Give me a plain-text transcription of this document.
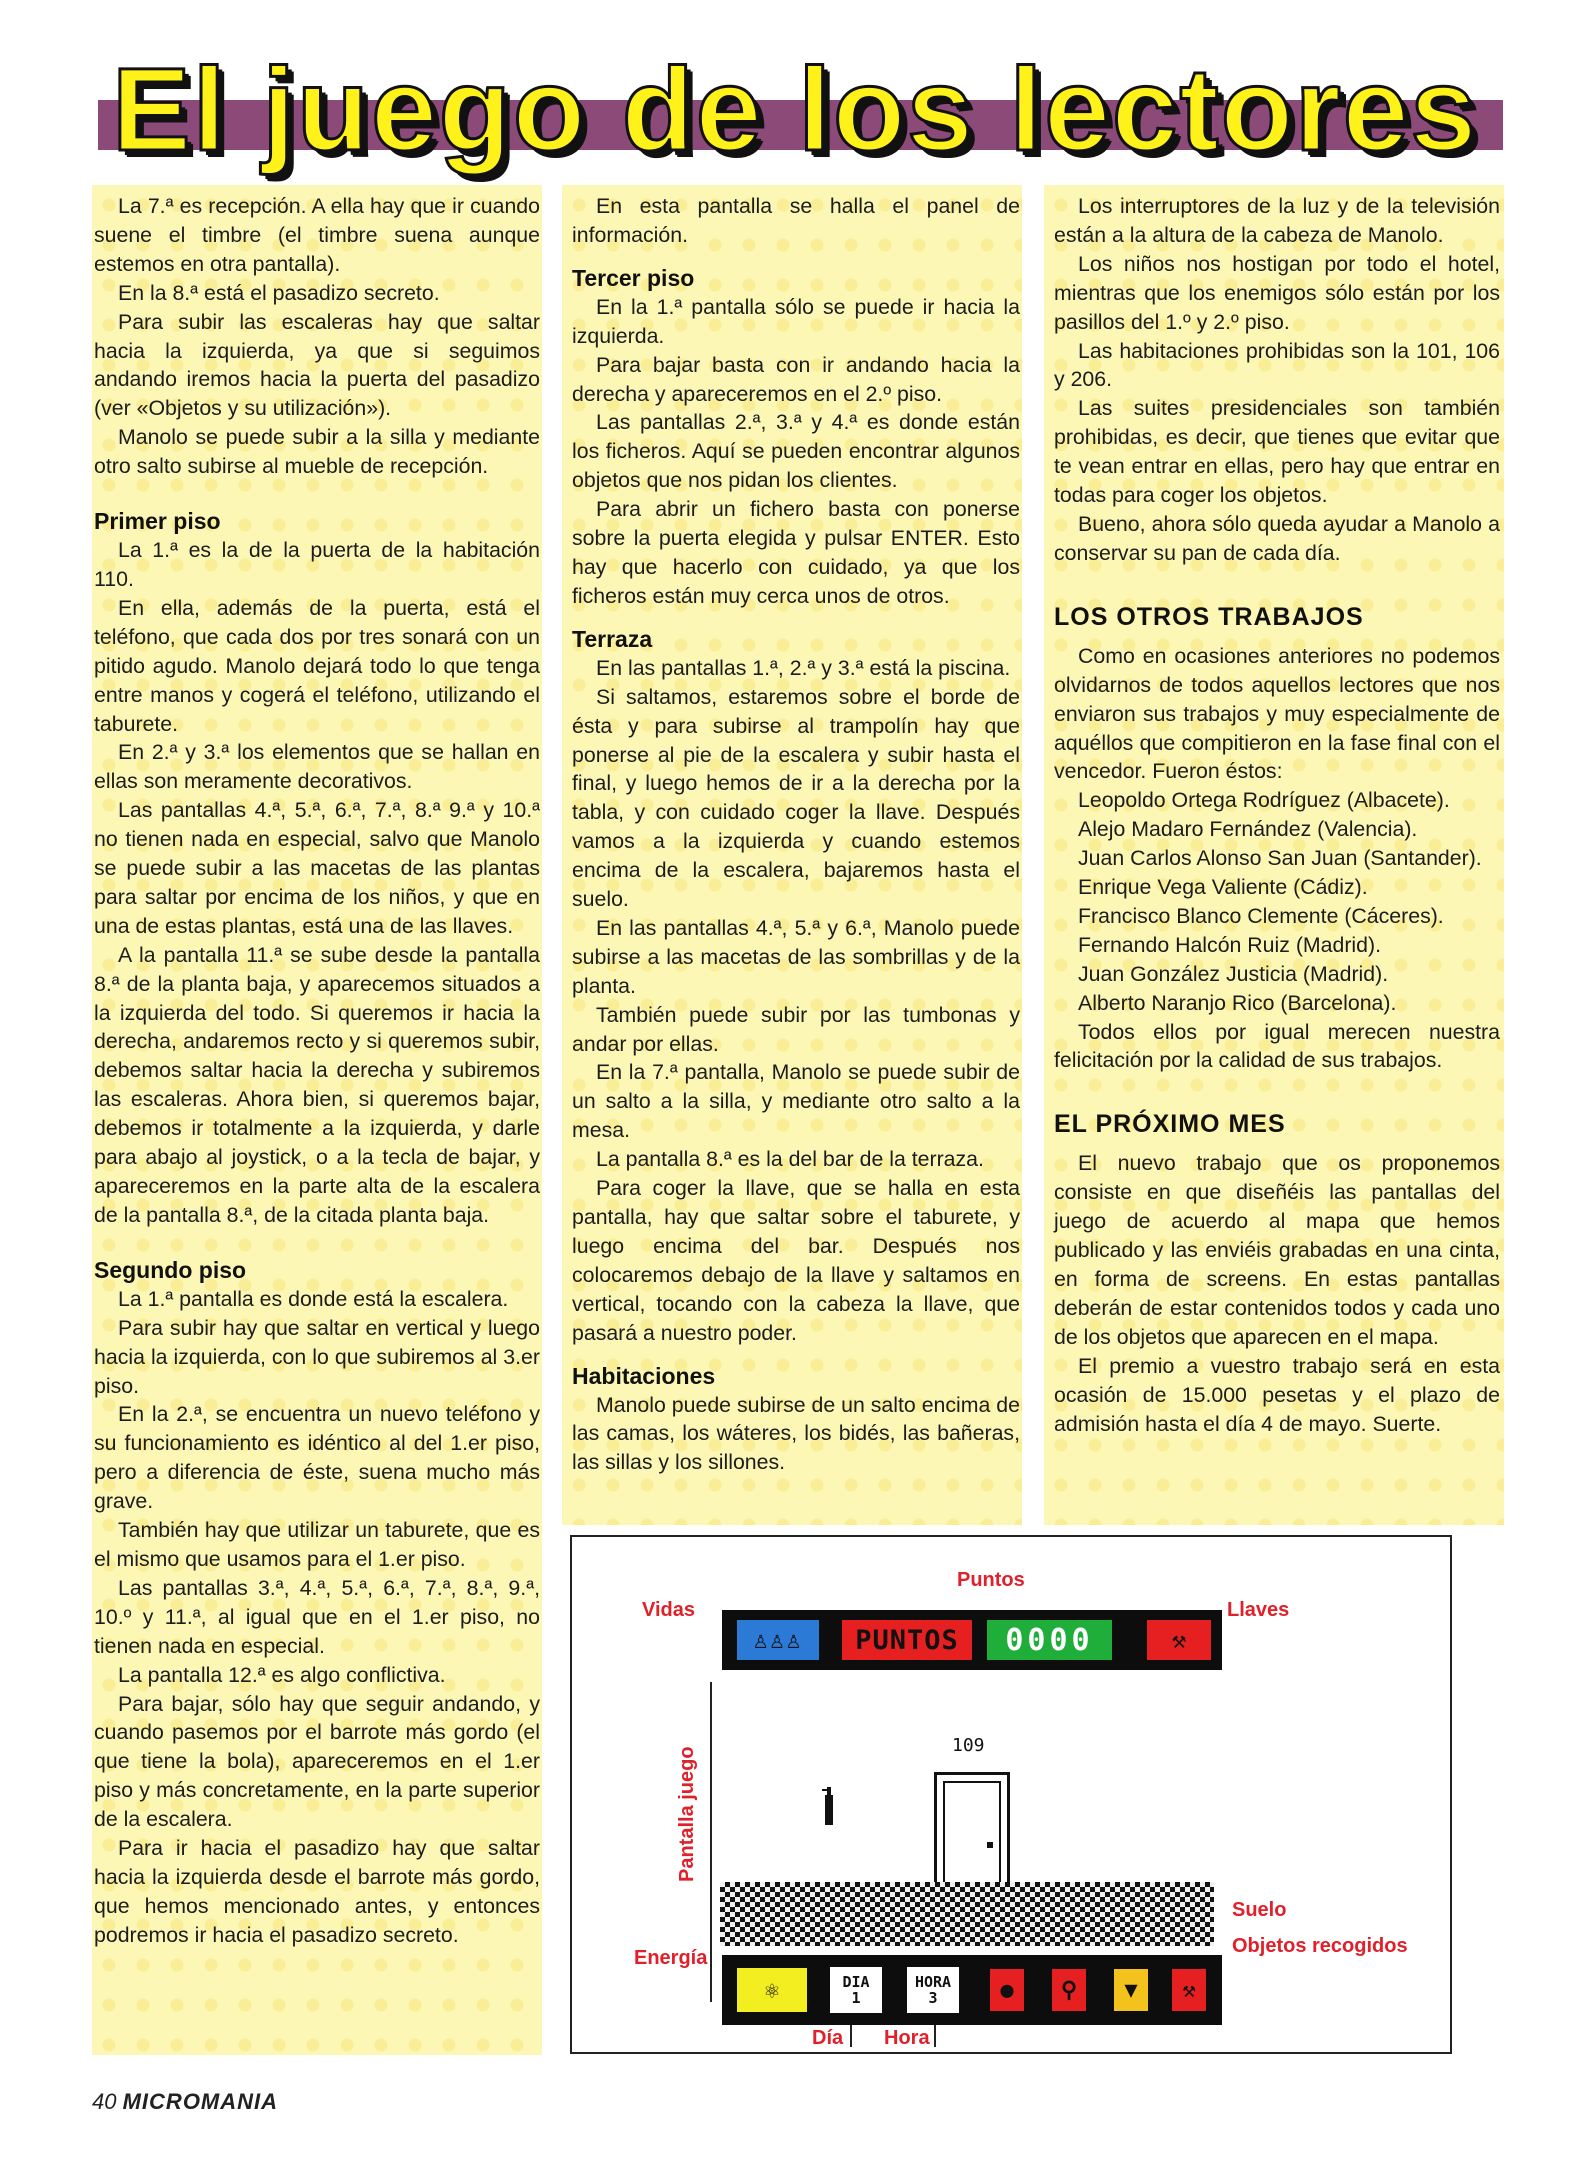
El juego de los lectores

La 7.ª es recepción. A ella hay que ir cuando suene el timbre (el timbre suena aunque estemos en otra pantalla).

En la 8.ª está el pasadizo secreto.

Para subir las escaleras hay que saltar hacia la izquierda, ya que si seguimos andando iremos hacia la puerta del pasadizo (ver «Objetos y su utilización»).

Manolo se puede subir a la silla y mediante otro salto subirse al mueble de recepción.

Primer piso

La 1.ª es la de la puerta de la habitación 110.

En ella, además de la puerta, está el teléfono, que cada dos por tres sonará con un pitido agudo. Manolo dejará todo lo que tenga entre manos y cogerá el teléfono, utilizando el taburete.

En 2.ª y 3.ª los elementos que se hallan en ellas son meramente decorativos.

Las pantallas 4.ª, 5.ª, 6.ª, 7.ª, 8.ª 9.ª y 10.ª no tienen nada en especial, salvo que Manolo se puede subir a las macetas de las plantas para saltar por encima de los niños, y que en una de estas plantas, está una de las llaves.

A la pantalla 11.ª se sube desde la pantalla 8.ª de la planta baja, y aparecemos situados a la izquierda del todo. Si queremos ir hacia la derecha, andaremos recto y si queremos subir, debemos saltar hacia la derecha y subiremos las escaleras. Ahora bien, si queremos bajar, debemos ir totalmente a la izquierda, y darle para abajo al joystick, o a la tecla de bajar, y apareceremos en la parte alta de la escalera de la pantalla 8.ª, de la citada planta baja.

Segundo piso

La 1.ª pantalla es donde está la escalera.

Para subir hay que saltar en vertical y luego hacia la izquierda, con lo que subiremos al 3.er piso.

En la 2.ª, se encuentra un nuevo teléfono y su funcionamiento es idéntico al del 1.er piso, pero a diferencia de éste, suena mucho más grave.

También hay que utilizar un taburete, que es el mismo que usamos para el 1.er piso.

Las pantallas 3.ª, 4.ª, 5.ª, 6.ª, 7.ª, 8.ª, 9.ª, 10.º y 11.ª, al igual que en el 1.er piso, no tienen nada en especial.

La pantalla 12.ª es algo conflictiva.

Para bajar, sólo hay que seguir andando, y cuando pasemos por el barrote más gordo (el que tiene la bola), apareceremos en el 1.er piso y más concretamente, en la parte superior de la escalera.

Para ir hacia el pasadizo hay que saltar hacia la izquierda desde el barrote más gordo, que hemos mencionado antes, y entonces podremos ir hacia el pasadizo secreto.

En esta pantalla se halla el panel de información.

Tercer piso

En la 1.ª pantalla sólo se puede ir hacia la izquierda.

Para bajar basta con ir andando hacia la derecha y apareceremos en el 2.º piso.

Las pantallas 2.ª, 3.ª y 4.ª es donde están los ficheros. Aquí se pueden encontrar algunos objetos que nos pidan los clientes.

Para abrir un fichero basta con ponerse sobre la puerta elegida y pulsar ENTER. Esto hay que hacerlo con cuidado, ya que los ficheros están muy cerca unos de otros.

Terraza

En las pantallas 1.ª, 2.ª y 3.ª está la piscina.

Si saltamos, estaremos sobre el borde de ésta y para subirse al trampolín hay que ponerse al pie de la escalera y subir hasta el final, y luego hemos de ir a la derecha por la tabla, y con cuidado coger la llave. Después vamos a la izquierda y cuando estemos encima de la escalera, bajaremos hasta el suelo.

En las pantallas 4.ª, 5.ª y 6.ª, Manolo puede subirse a las macetas de las sombrillas y de la planta.

También puede subir por las tumbonas y andar por ellas.

En la 7.ª pantalla, Manolo se puede subir de un salto a la silla, y mediante otro salto a la mesa.

La pantalla 8.ª es la del bar de la terraza.

Para coger la llave, que se halla en esta pantalla, hay que saltar sobre el taburete, y luego encima del bar. Después nos colocaremos debajo de la llave y saltamos en vertical, tocando con la cabeza la llave, que pasará a nuestro poder.

Habitaciones

Manolo puede subirse de un salto encima de las camas, los wáteres, los bidés, las bañeras, las sillas y los sillones.

Los interruptores de la luz y de la televisión están a la altura de la cabeza de Manolo.

Los niños nos hostigan por todo el hotel, mientras que los enemigos sólo están por los pasillos del 1.º y 2.º piso.

Las habitaciones prohibidas son la 101, 106 y 206.

Las suites presidenciales son también prohibidas, es decir, que tienes que evitar que te vean entrar en ellas, pero hay que entrar en todas para coger los objetos.

Bueno, ahora sólo queda ayudar a Manolo a conservar su pan de cada día.

LOS OTROS TRABAJOS

Como en ocasiones anteriores no podemos olvidarnos de todos aquellos lectores que nos enviaron sus trabajos y muy especialmente de aquéllos que compitieron en la fase final con el vencedor. Fueron éstos:

Leopoldo Ortega Rodríguez (Albacete).

Alejo Madaro Fernández (Valencia).

Juan Carlos Alonso San Juan (Santander).

Enrique Vega Valiente (Cádiz).

Francisco Blanco Clemente (Cáceres).

Fernando Halcón Ruiz (Madrid).

Juan González Justicia (Madrid).

Alberto Naranjo Rico (Barcelona).

Todos ellos por igual merecen nuestra felicitación por la calidad de sus trabajos.

EL PRÓXIMO MES

El nuevo trabajo que os proponemos consiste en que diseñéis las pantallas del juego de acuerdo al mapa que hemos publicado y las enviéis grabadas en una cinta, en forma de screens. En estas pantallas deberán de estar contenidos todos y cada uno de los objetos que aparecen en el mapa.

El premio a vuestro trabajo será en esta ocasión de 15.000 pesetas y el plazo de admisión hasta el día 4 de mayo. Suerte.

Vidas
Puntos
Llaves
Pantalla juego
Suelo
Energía
Objetos recogidos
Día Hora
♙♙♙	PUNTOS	0000	⚒
109
⚛	DIA
1
HORA
3	●	⚲	▼	⚒
40 MICROMANIA
